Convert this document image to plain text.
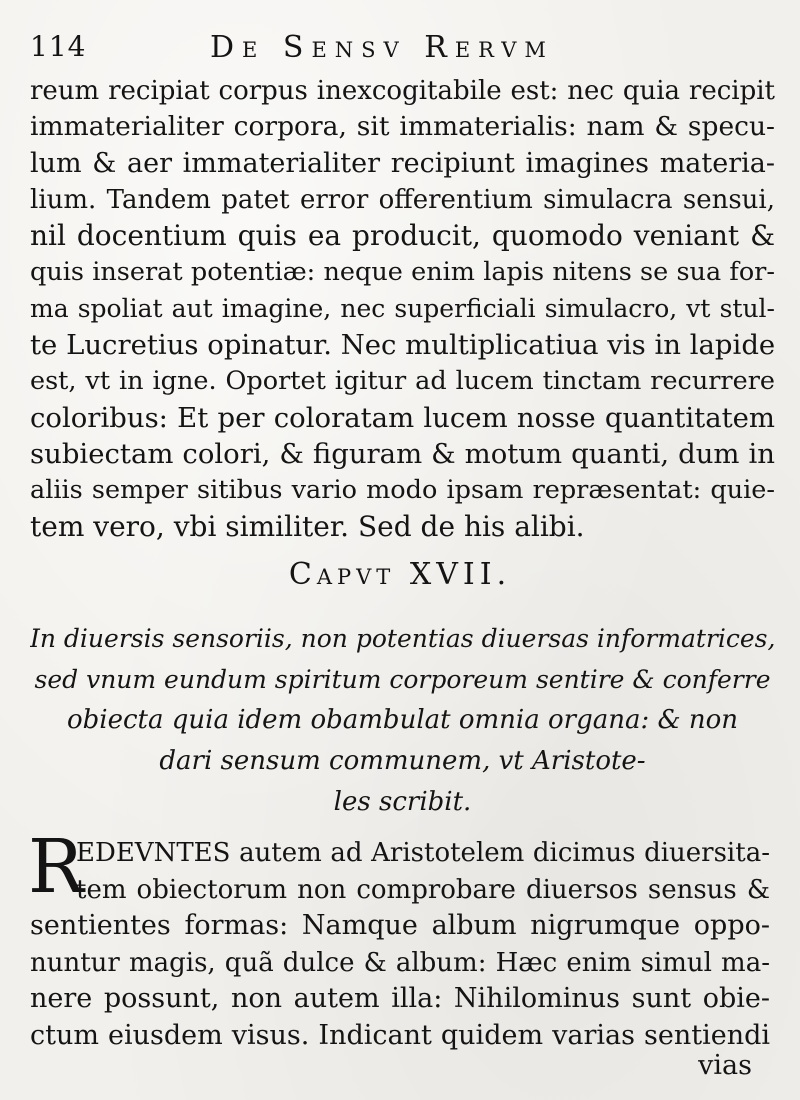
114	De Sensv Rervm
reum recipiat corpus inexcogitabile est: nec quia recipit
immaterialiter corpora, sit immaterialis: nam & specu-
lum & aer immaterialiter recipiunt imagines materia-
lium. Tandem patet error offerentium simulacra sensui,
nil docentium quis ea producit, quomodo veniant &
quis inserat potentiæ: neque enim lapis nitens se sua for-
ma spoliat aut imagine, nec superficiali simulacro, vt stul-
te Lucretius opinatur. Nec multiplicatiua vis in lapide
est, vt in igne. Oportet igitur ad lucem tinctam recurrere
coloribus: Et per coloratam lucem nosse quantitatem
subiectam colori, & figuram & motum quanti, dum in
aliis semper sitibus vario modo ipsam repræsentat: quie-
tem vero, vbi similiter. Sed de his alibi.
Capvt XVII.
In diuersis sensoriis, non potentias diuersas informatrices,
sed vnum eundum spiritum corporeum sentire & conferre
obiecta quia idem obambulat omnia organa: & non
dari sensum communem, vt Aristote-
les scribit.
R
EDEVNTES autem ad Aristotelem dicimus diuersita-
tem obiectorum non comprobare diuersos sensus &
sentientes formas: Namque album nigrumque oppo-
nuntur magis, quã dulce & album: Hæc enim simul ma-
nere possunt, non autem illa: Nihilominus sunt obie-
ctum eiusdem visus. Indicant quidem varias sentiendi
vias
